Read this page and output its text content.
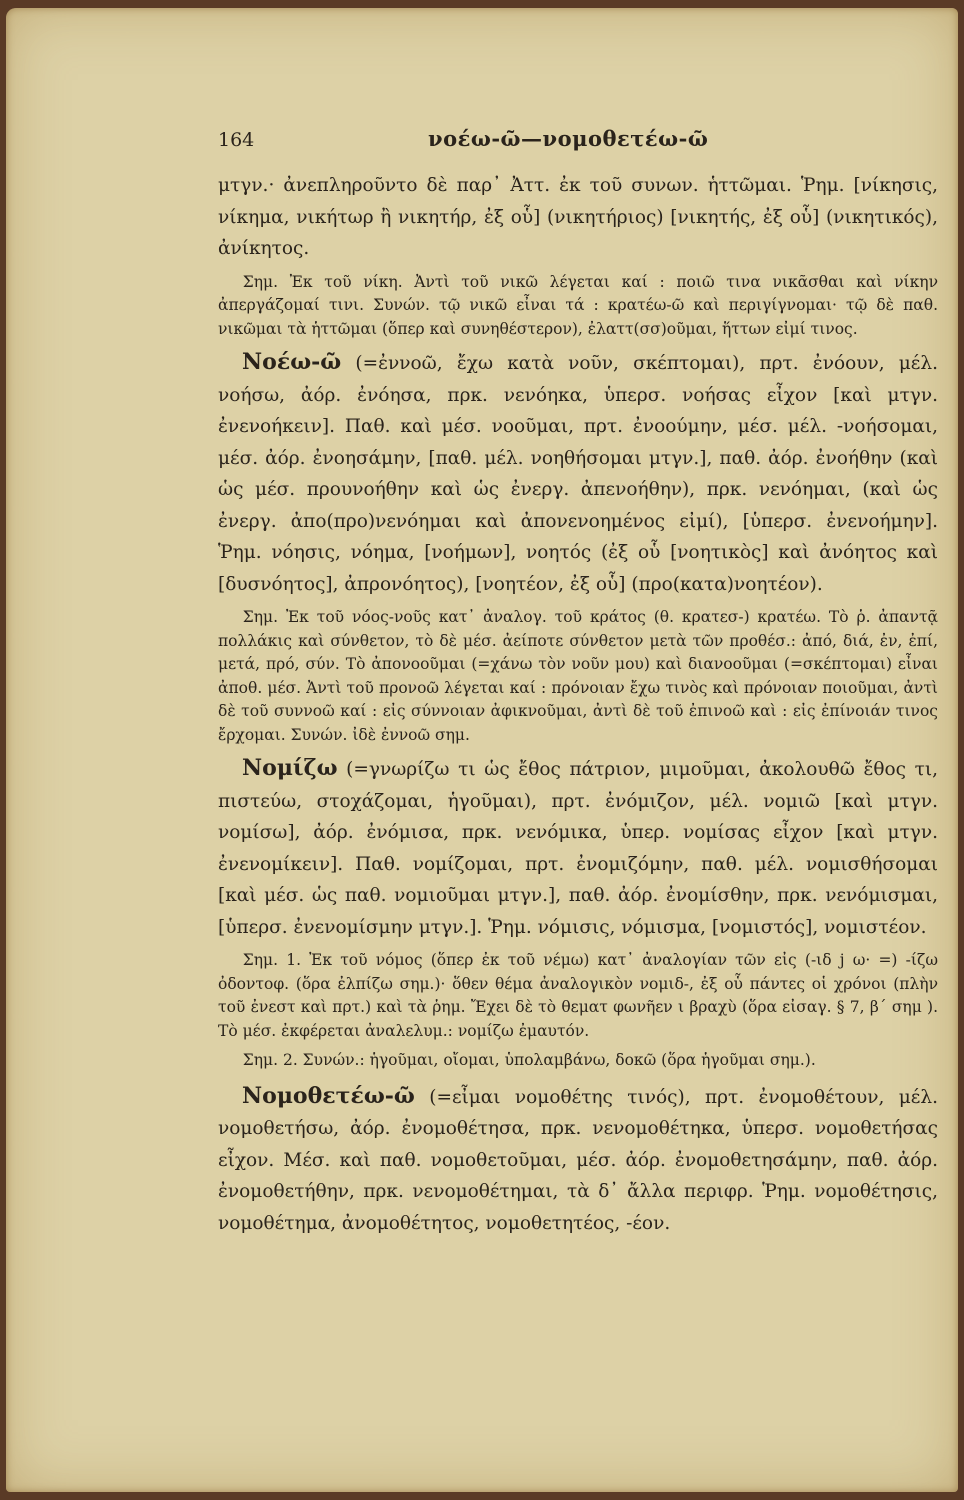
164	νοέω-ῶ—νομοθετέω-ῶ

μτγν.· ἀνεπληροῦντο δὲ παρ᾿ Ἀττ. ἐκ τοῦ συνων. ἡττῶμαι. Ῥημ. [νίκησις, νίκημα, νικήτωρ ἢ νικητήρ, ἐξ οὗ] (νικητήριος) [νικητής, ἐξ οὗ] (νικητικός), ἀνίκητος.

Σημ. Ἐκ τοῦ νίκη. Ἀντὶ τοῦ νικῶ λέγεται καί : ποιῶ τινα νικᾶσθαι καὶ νίκην ἀπεργάζομαί τινι. Συνών. τῷ νικῶ εἶναι τά : κρατέω-ῶ καὶ περιγίγνομαι· τῷ δὲ παθ. νικῶμαι τὰ ἡττῶμαι (ὅπερ καὶ συνηθέστερον), ἐλαττ(σσ)οῦμαι, ἥττων εἰμί τινος.

Νοέω-ῶ (=ἐννοῶ, ἔχω κατὰ νοῦν, σκέπτομαι), πρτ. ἐνόουν, μέλ. νοήσω, ἀόρ. ἐνόησα, πρκ. νενόηκα, ὑπερσ. νοήσας εἶχον [καὶ μτγν. ἐνενοήκειν]. Παθ. καὶ μέσ. νοοῦμαι, πρτ. ἐνοούμην, μέσ. μέλ. -νοήσομαι, μέσ. ἀόρ. ἐνοησάμην, [παθ. μέλ. νοηθήσομαι μτγν.], παθ. ἀόρ. ἐνοήθην (καὶ ὡς μέσ. προυνοήθην καὶ ὡς ἐνεργ. ἀπενοήθην), πρκ. νενόημαι, (καὶ ὡς ἐνεργ. ἀπο(προ)νενόημαι καὶ ἀπονενοημένος εἰμί), [ὑπερσ. ἐνενοήμην]. Ῥημ. νόησις, νόημα, [νοήμων], νοητός (ἐξ οὗ [νοητικὸς] καὶ ἀνόητος καὶ [δυσνόητος], ἀπρονόητος), [νοητέον, ἐξ οὗ] (προ(κατα)νοητέον).

Σημ. Ἐκ τοῦ νόος-νοῦς κατ᾿ ἀναλογ. τοῦ κράτος (θ. κρατεσ-) κρατέω. Τὸ ῥ. ἀπαντᾷ πολλάκις καὶ σύνθετον, τὸ δὲ μέσ. ἀείποτε σύνθετον μετὰ τῶν προθέσ.: ἀπό, διά, ἐν, ἐπί, μετά, πρό, σύν. Τὸ ἀπονοοῦμαι (=χάνω τὸν νοῦν μου) καὶ διανοοῦμαι (=σκέπτομαι) εἶναι ἀποθ. μέσ. Ἀντὶ τοῦ προνοῶ λέγεται καί : πρόνοιαν ἔχω τινὸς καὶ πρόνοιαν ποιοῦμαι, ἀντὶ δὲ τοῦ συννοῶ καί : εἰς σύννοιαν ἀφικνοῦμαι, ἀντὶ δὲ τοῦ ἐπινοῶ καὶ : εἰς ἐπίνοιάν τινος ἔρχομαι. Συνών. ἰδὲ ἐννοῶ σημ.

Νομίζω (=γνωρίζω τι ὡς ἔθος πάτριον, μιμοῦμαι, ἀκολουθῶ ἔθος τι, πιστεύω, στοχάζομαι, ἡγοῦμαι), πρτ. ἐνόμιζον, μέλ. νομιῶ [καὶ μτγν. νομίσω], ἀόρ. ἐνόμισα, πρκ. νενόμικα, ὑπερ. νομίσας εἶχον [καὶ μτγν. ἐνενομίκειν]. Παθ. νομίζομαι, πρτ. ἐνομιζόμην, παθ. μέλ. νομισθήσομαι [καὶ μέσ. ὡς παθ. νομιοῦμαι μτγν.], παθ. ἀόρ. ἐνομίσθην, πρκ. νενόμισμαι, [ὑπερσ. ἐνενομίσμην μτγν.]. Ῥημ. νόμισις, νόμισμα, [νομιστός], νομιστέον.

Σημ. 1. Ἐκ τοῦ νόμος (ὅπερ ἐκ τοῦ νέμω) κατ᾿ ἀναλογίαν τῶν εἰς (-ιδ j ω· =) -ίζω ὀδοντοφ. (ὅρα ἐλπίζω σημ.)· ὅθεν θέμα ἀναλογικὸν νομιδ-, ἐξ οὗ πάντες οἱ χρόνοι (πλὴν τοῦ ἐνεστ καὶ πρτ.) καὶ τὰ ῥημ. Ἔχει δὲ τὸ θεματ φωνῆεν ι βραχὺ (ὅρα εἰσαγ. § 7, β´ σημ ). Τὸ μέσ. ἐκφέρεται ἀναλελυμ.: νομίζω ἐμαυτόν.

Σημ. 2. Συνών.: ἡγοῦμαι, οἴομαι, ὑπολαμβάνω, δοκῶ (ὅρα ἡγοῦμαι σημ.).

Νομοθετέω-ῶ (=εἶμαι νομοθέτης τινός), πρτ. ἐνομοθέτουν, μέλ. νομοθετήσω, ἀόρ. ἐνομοθέτησα, πρκ. νενομοθέτηκα, ὑπερσ. νομοθετήσας εἶχον. Μέσ. καὶ παθ. νομοθετοῦμαι, μέσ. ἀόρ. ἐνομοθετησάμην, παθ. ἀόρ. ἐνομοθετήθην, πρκ. νενομοθέτημαι, τὰ δ᾿ ἄλλα περιφρ. Ῥημ. νομοθέτησις, νομοθέτημα, ἀνομοθέτητος, νομοθετητέος, -έον.
